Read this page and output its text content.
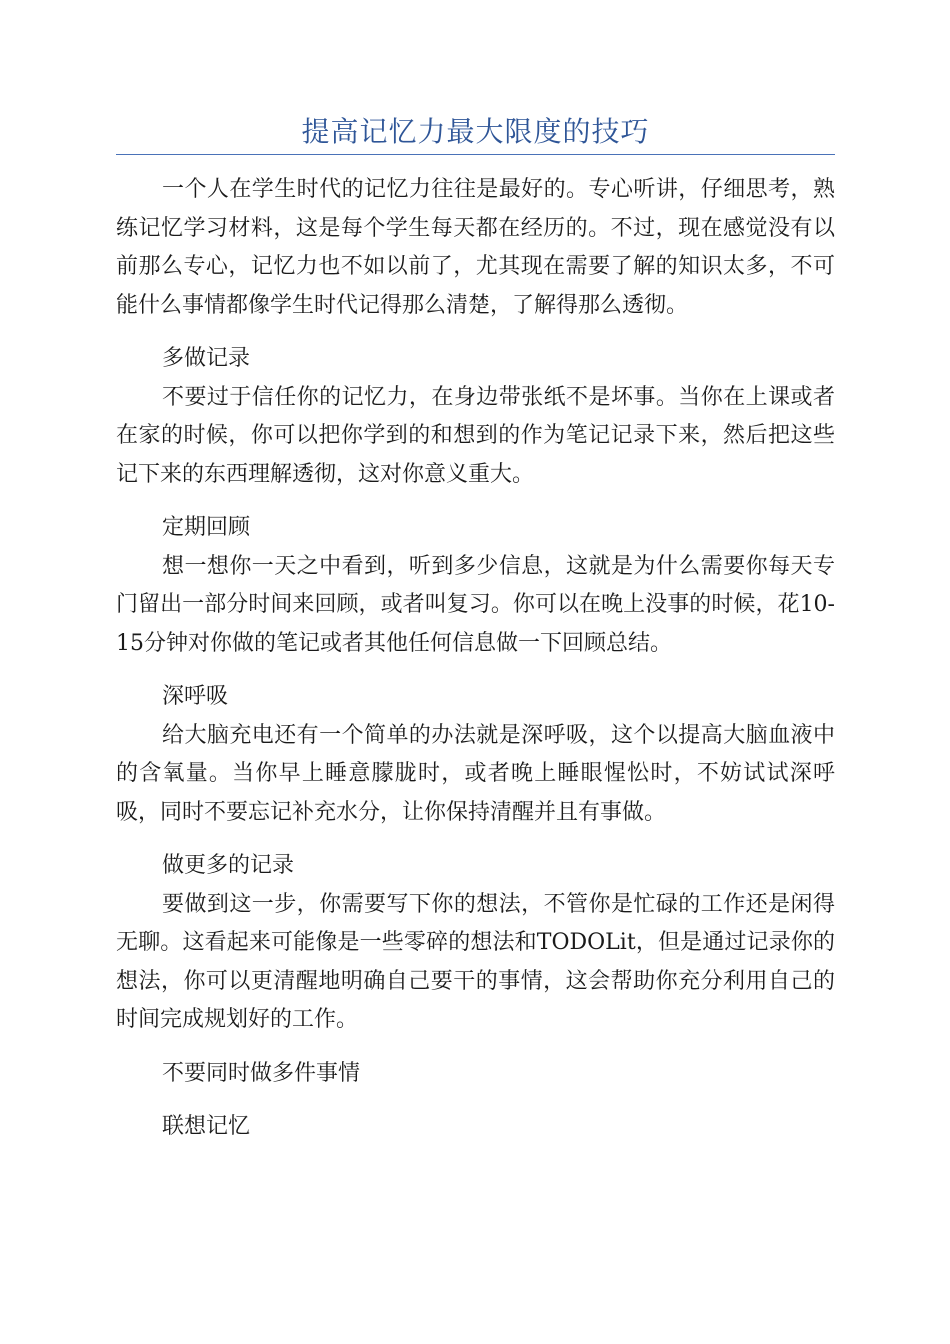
提高记忆力最大限度的技巧

一个人在学生时代的记忆力往往是最好的。专心听讲，仔细思考，熟练记忆学习材料，这是每个学生每天都在经历的。不过，现在感觉没有以前那么专心，记忆力也不如以前了，尤其现在需要了解的知识太多，不可能什么事情都像学生时代记得那么清楚，了解得那么透彻。

多做记录

不要过于信任你的记忆力，在身边带张纸不是坏事。当你在上课或者在家的时候，你可以把你学到的和想到的作为笔记记录下来，然后把这些记下来的东西理解透彻，这对你意义重大。

定期回顾

想一想你一天之中看到，听到多少信息，这就是为什么需要你每天专门留出一部分时间来回顾，或者叫复习。你可以在晚上没事的时候，花10-15分钟对你做的笔记或者其他任何信息做一下回顾总结。

深呼吸

给大脑充电还有一个简单的办法就是深呼吸，这个以提高大脑血液中的含氧量。当你早上睡意朦胧时，或者晚上睡眼惺忪时，不妨试试深呼吸，同时不要忘记补充水分，让你保持清醒并且有事做。

做更多的记录

要做到这一步，你需要写下你的想法，不管你是忙碌的工作还是闲得无聊。这看起来可能像是一些零碎的想法和TODOLit，但是通过记录你的想法，你可以更清醒地明确自己要干的事情，这会帮助你充分利用自己的时间完成规划好的工作。

不要同时做多件事情

联想记忆
